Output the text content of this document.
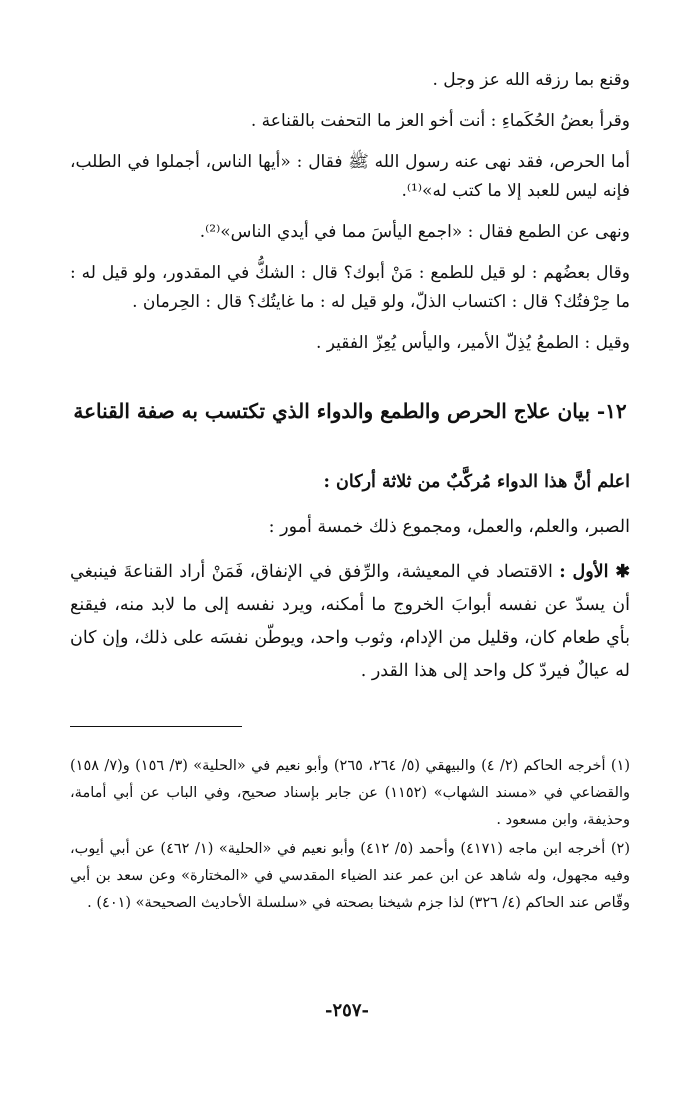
وقنع بما رزقه الله عز وجل .

وقرأ بعضُ الحُكَماءِ : أنت أخو العز ما التحفت بالقناعة .

أما الحرص، فقد نهى عنه رسول الله ﷺ فقال : «أيها الناس، أجملوا في الطلب، فإنه ليس للعبد إلا ما كتب له»⁽¹⁾.

ونهى عن الطمع فقال : «اجمع اليأسَ مما في أيدي الناس»⁽²⁾.

وقال بعضُهم : لو قيل للطمع : مَنْ أبوك؟ قال : الشكُّ في المقدور، ولو قيل له : ما حِرْفتُك؟ قال : اكتساب الذلّ، ولو قيل له : ما غايتُك؟ قال : الحِرمان .

وقيل : الطمعُ يُذِلّ الأمير، واليأس يُعِزّ الفقير .

١٢- بيان علاج الحرص والطمع والدواء الذي تكتسب به صفة القناعة

اعلم أنَّ هذا الدواء مُركَّبٌ من ثلاثة أركان :

الصبر، والعلم، والعمل، ومجموع ذلك خمسة أمور :

✱ الأول : الاقتصاد في المعيشة، والرِّفق في الإنفاق، فَمَنْ أراد القناعةَ فينبغي أن يسدّ عن نفسه أبوابَ الخروج ما أمكنه، ويرد نفسه إلى ما لابد منه، فيقنع بأي طعام كان، وقليل من الإدام، وثوب واحد، ويوطّن نفسَه على ذلك، وإن كان له عيالٌ فيردّ كل واحد إلى هذا القدر .

(١) أخرجه الحاكم (٢/ ٤) والبيهقي (٥/ ٢٦٤، ٢٦٥) وأبو نعيم في «الحلية» (٣/ ١٥٦) و(٧/ ١٥٨) والقضاعي في «مسند الشهاب» (١١٥٢) عن جابر بإسناد صحيح، وفي الباب عن أبي أمامة، وحذيفة، وابن مسعود .

(٢) أخرجه ابن ماجه (٤١٧١) وأحمد (٥/ ٤١٢) وأبو نعيم في «الحلية» (١/ ٤٦٢) عن أبي أيوب، وفيه مجهول، وله شاهد عن ابن عمر عند الضياء المقدسي في «المختارة» وعن سعد بن أبي وقّاص عند الحاكم (٤/ ٣٢٦) لذا جزم شيخنا بصحته في «سلسلة الأحاديث الصحيحة» (٤٠١) .

-٢٥٧-
